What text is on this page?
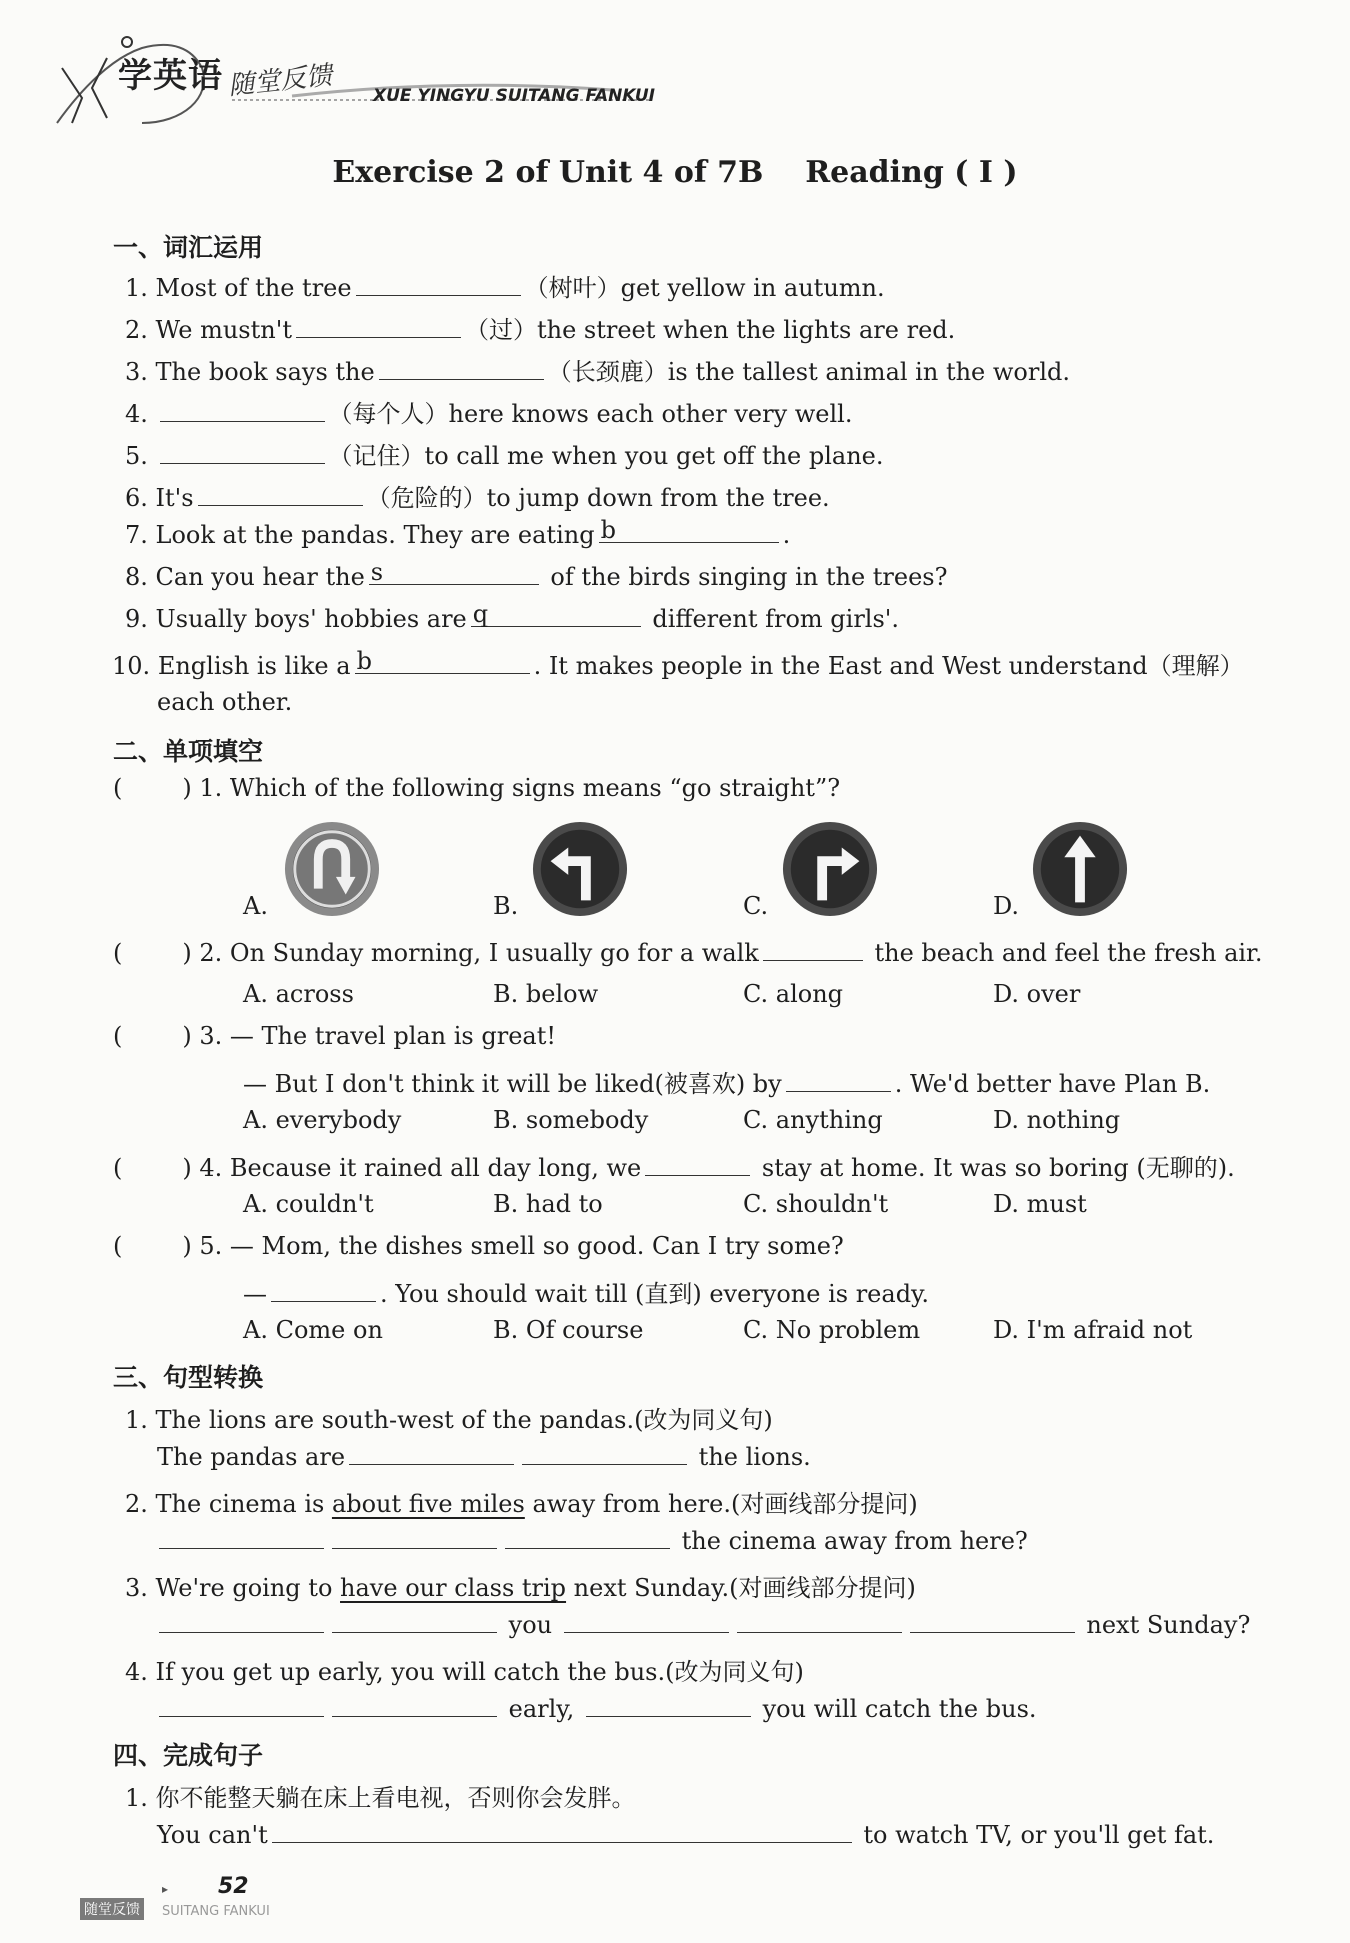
学英语 随堂反馈 XUE YINGYU SUITANG FANKUI
Exercise 2 of Unit 4 of 7B Reading ( Ⅰ )
一、词汇运用
1. Most of the tree	（树叶）get yellow in autumn.
2. We mustn't	（过）the street when the lights are red.
3. The book says the	（长颈鹿）is the tallest animal in the world.
4.	（每个人）here knows each other very well.
5.	（记住）to call me when you get off the plane.
6. It's	（危险的）to jump down from the tree.
7. Look at the pandas. They are eating b	.
8. Can you hear the s	of the birds singing in the trees?
9. Usually boys' hobbies are q	different from girls'.
10. English is like a b	. It makes people in the East and West understand（理解）
each other.
二、单项填空
(	) 1. Which of the following signs means “go straight”?
A.	B.	C.	D.
(	) 2. On Sunday morning, I usually go for a walk	the beach and feel the fresh air.
A. across	B. below	C. along	D. over
(	) 3. — The travel plan is great!
— But I don't think it will be liked(被喜欢) by	. We'd better have Plan B.
A. everybody	B. somebody	C. anything	D. nothing
(	) 4. Because it rained all day long, we	stay at home. It was so boring (无聊的).
A. couldn't	B. had to	C. shouldn't	D. must
(	) 5. — Mom, the dishes smell so good. Can I try some?
—	. You should wait till (直到) everyone is ready.
A. Come on	B. Of course	C. No problem	D. I'm afraid not
三、句型转换
1. The lions are south-west of the pandas.(改为同义句)
The pandas are	the lions.
2. The cinema is about five miles away from here.(对画线部分提问)
the cinema away from here?
3. We're going to have our class trip next Sunday.(对画线部分提问)
you	next Sunday?
4. If you get up early, you will catch the bus.(改为同义句)
early,	you will catch the bus.
四、完成句子
1. 你不能整天躺在床上看电视，否则你会发胖。
You can't	to watch TV, or you'll get fat.
▸ 52
随堂反馈	SUITANG FANKUI
